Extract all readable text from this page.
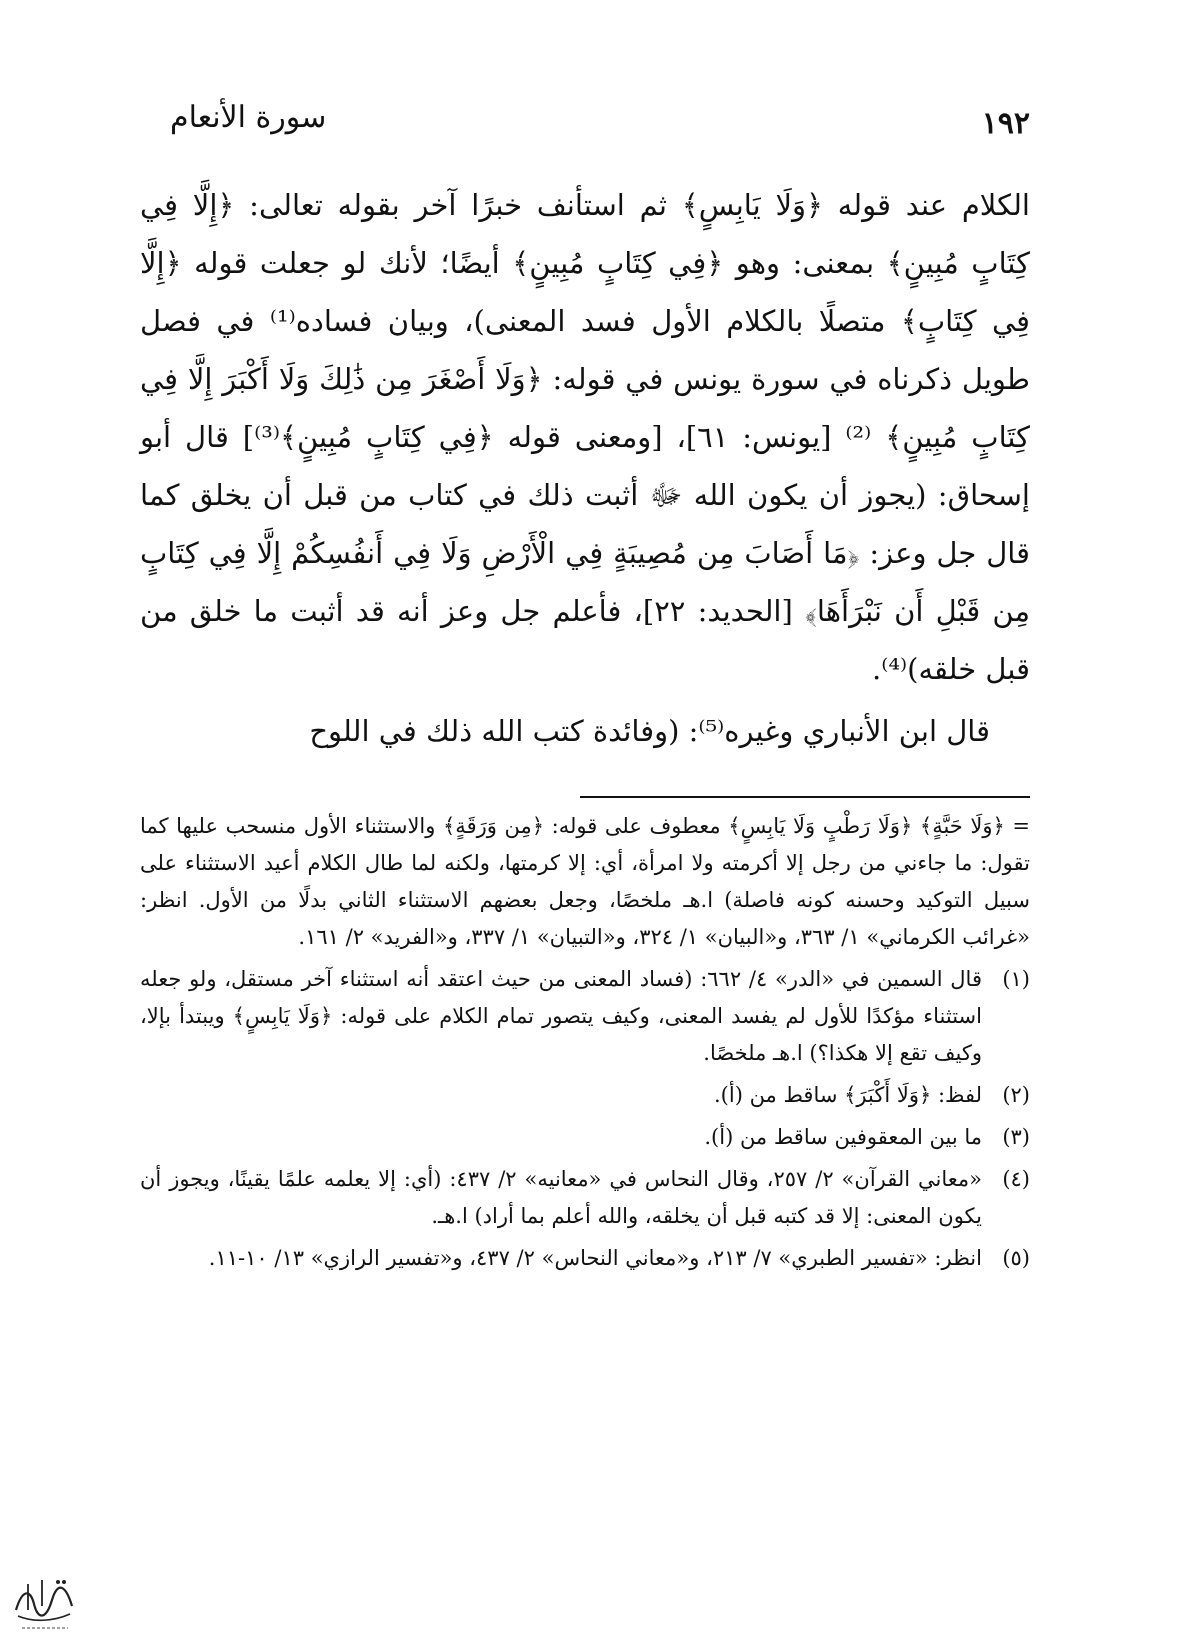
١٩٢
سورة الأنعام

الكلام عند قوله ﴿وَلَا يَابِسٍ﴾ ثم استأنف خبرًا آخر بقوله تعالى: ﴿إِلَّا فِي كِتَابٍ مُبِينٍ﴾ بمعنى: وهو ﴿فِي كِتَابٍ مُبِينٍ﴾ أيضًا؛ لأنك لو جعلت قوله ﴿إِلَّا فِي كِتَابٍ﴾ متصلًا بالكلام الأول فسد المعنى)، وبيان فساده⁽¹⁾ في فصل طويل ذكرناه في سورة يونس في قوله: ﴿وَلَا أَصْغَرَ مِن ذَٰلِكَ وَلَا أَكْبَرَ إِلَّا فِي كِتَابٍ مُبِينٍ﴾ ⁽²⁾ [يونس: ٦١]، [ومعنى قوله ﴿فِي كِتَابٍ مُبِينٍ﴾⁽³⁾] قال أبو إسحاق: (يجوز أن يكون الله ﷻ أثبت ذلك في كتاب من قبل أن يخلق كما قال جل وعز: ﴿مَا أَصَابَ مِن مُصِيبَةٍ فِي الْأَرْضِ وَلَا فِي أَنفُسِكُمْ إِلَّا فِي كِتَابٍ مِن قَبْلِ أَن نَبْرَأَهَا﴾ [الحديد: ٢٢]، فأعلم جل وعز أنه قد أثبت ما خلق من قبل خلقه)⁽⁴⁾.

قال ابن الأنباري وغيره⁽⁵⁾: (وفائدة كتب الله ذلك في اللوح

= ﴿وَلَا حَبَّةٍ﴾ ﴿وَلَا رَطْبٍ وَلَا يَابِسٍ﴾ معطوف على قوله: ﴿مِن وَرَقَةٍ﴾ والاستثناء الأول منسحب عليها كما تقول: ما جاءني من رجل إلا أكرمته ولا امرأة، أي: إلا كرمتها، ولكنه لما طال الكلام أعيد الاستثناء على سبيل التوكيد وحسنه كونه فاصلة) ا.هـ ملخصًا، وجعل بعضهم الاستثناء الثاني بدلًا من الأول. انظر: «غرائب الكرماني» ١/ ٣٦٣، و«البيان» ١/ ٣٢٤، و«التبيان» ١/ ٣٣٧، و«الفريد» ٢/ ١٦١.

(١)
قال السمين في «الدر» ٤/ ٦٦٢: (فساد المعنى من حيث اعتقد أنه استثناء آخر مستقل، ولو جعله استثناء مؤكدًا للأول لم يفسد المعنى، وكيف يتصور تمام الكلام على قوله: ﴿وَلَا يَابِسٍ﴾ ويبتدأ بإلا، وكيف تقع إلا هكذا؟) ا.هـ ملخصًا.
(٢)
لفظ: ﴿وَلَا أَكْبَرَ﴾ ساقط من (أ).
(٣)
ما بين المعقوفين ساقط من (أ).
(٤)
«معاني القرآن» ٢/ ٢٥٧، وقال النحاس في «معانيه» ٢/ ٤٣٧: (أي: إلا يعلمه علمًا يقينًا، ويجوز أن يكون المعنى: إلا قد كتبه قبل أن يخلقه، والله أعلم بما أراد) ا.هـ.
(٥)
انظر: «تفسير الطبري» ٧/ ٢١٣، و«معاني النحاس» ٢/ ٤٣٧، و«تفسير الرازي» ١٣/ ١٠-١١.
